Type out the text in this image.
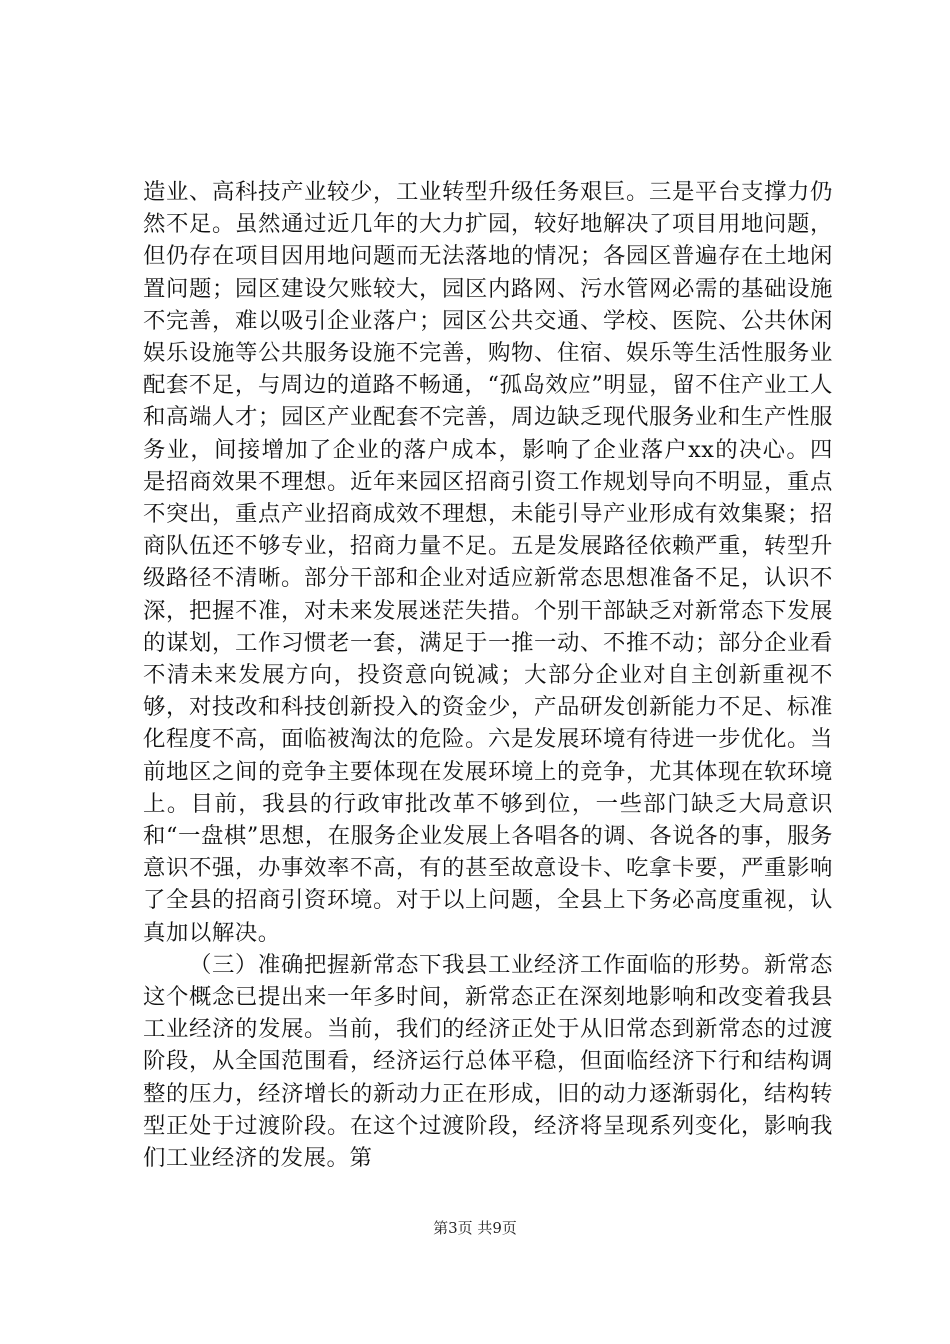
造业、高科技产业较少，工业转型升级任务艰巨。三是平台支撑力仍然不足。虽然通过近几年的大力扩园，较好地解决了项目用地问题，但仍存在项目因用地问题而无法落地的情况；各园区普遍存在土地闲置问题；园区建设欠账较大，园区内路网、污水管网必需的基础设施不完善，难以吸引企业落户；园区公共交通、学校、医院、公共休闲娱乐设施等公共服务设施不完善，购物、住宿、娱乐等生活性服务业配套不足，与周边的道路不畅通，“孤岛效应”明显，留不住产业工人和高端人才；园区产业配套不完善，周边缺乏现代服务业和生产性服务业，间接增加了企业的落户成本，影响了企业落户xx的决心。四是招商效果不理想。近年来园区招商引资工作规划导向不明显，重点不突出，重点产业招商成效不理想，未能引导产业形成有效集聚；招商队伍还不够专业，招商力量不足。五是发展路径依赖严重，转型升级路径不清晰。部分干部和企业对适应新常态思想准备不足，认识不深，把握不准，对未来发展迷茫失措。个别干部缺乏对新常态下发展的谋划，工作习惯老一套，满足于一推一动、不推不动；部分企业看不清未来发展方向，投资意向锐减；大部分企业对自主创新重视不够，对技改和科技创新投入的资金少，产品研发创新能力不足、标准化程度不高，面临被淘汰的危险。六是发展环境有待进一步优化。当前地区之间的竞争主要体现在发展环境上的竞争，尤其体现在软环境上。目前，我县的行政审批改革不够到位，一些部门缺乏大局意识和“一盘棋”思想，在服务企业发展上各唱各的调、各说各的事，服务意识不强，办事效率不高，有的甚至故意设卡、吃拿卡要，严重影响了全县的招商引资环境。对于以上问题，全县上下务必高度重视，认真加以解决。

（三）准确把握新常态下我县工业经济工作面临的形势。新常态这个概念已提出来一年多时间，新常态正在深刻地影响和改变着我县工业经济的发展。当前，我们的经济正处于从旧常态到新常态的过渡阶段，从全国范围看，经济运行总体平稳，但面临经济下行和结构调整的压力，经济增长的新动力正在形成，旧的动力逐渐弱化，结构转型正处于过渡阶段。在这个过渡阶段，经济将呈现系列变化，影响我们工业经济的发展。第

第3页 共9页
